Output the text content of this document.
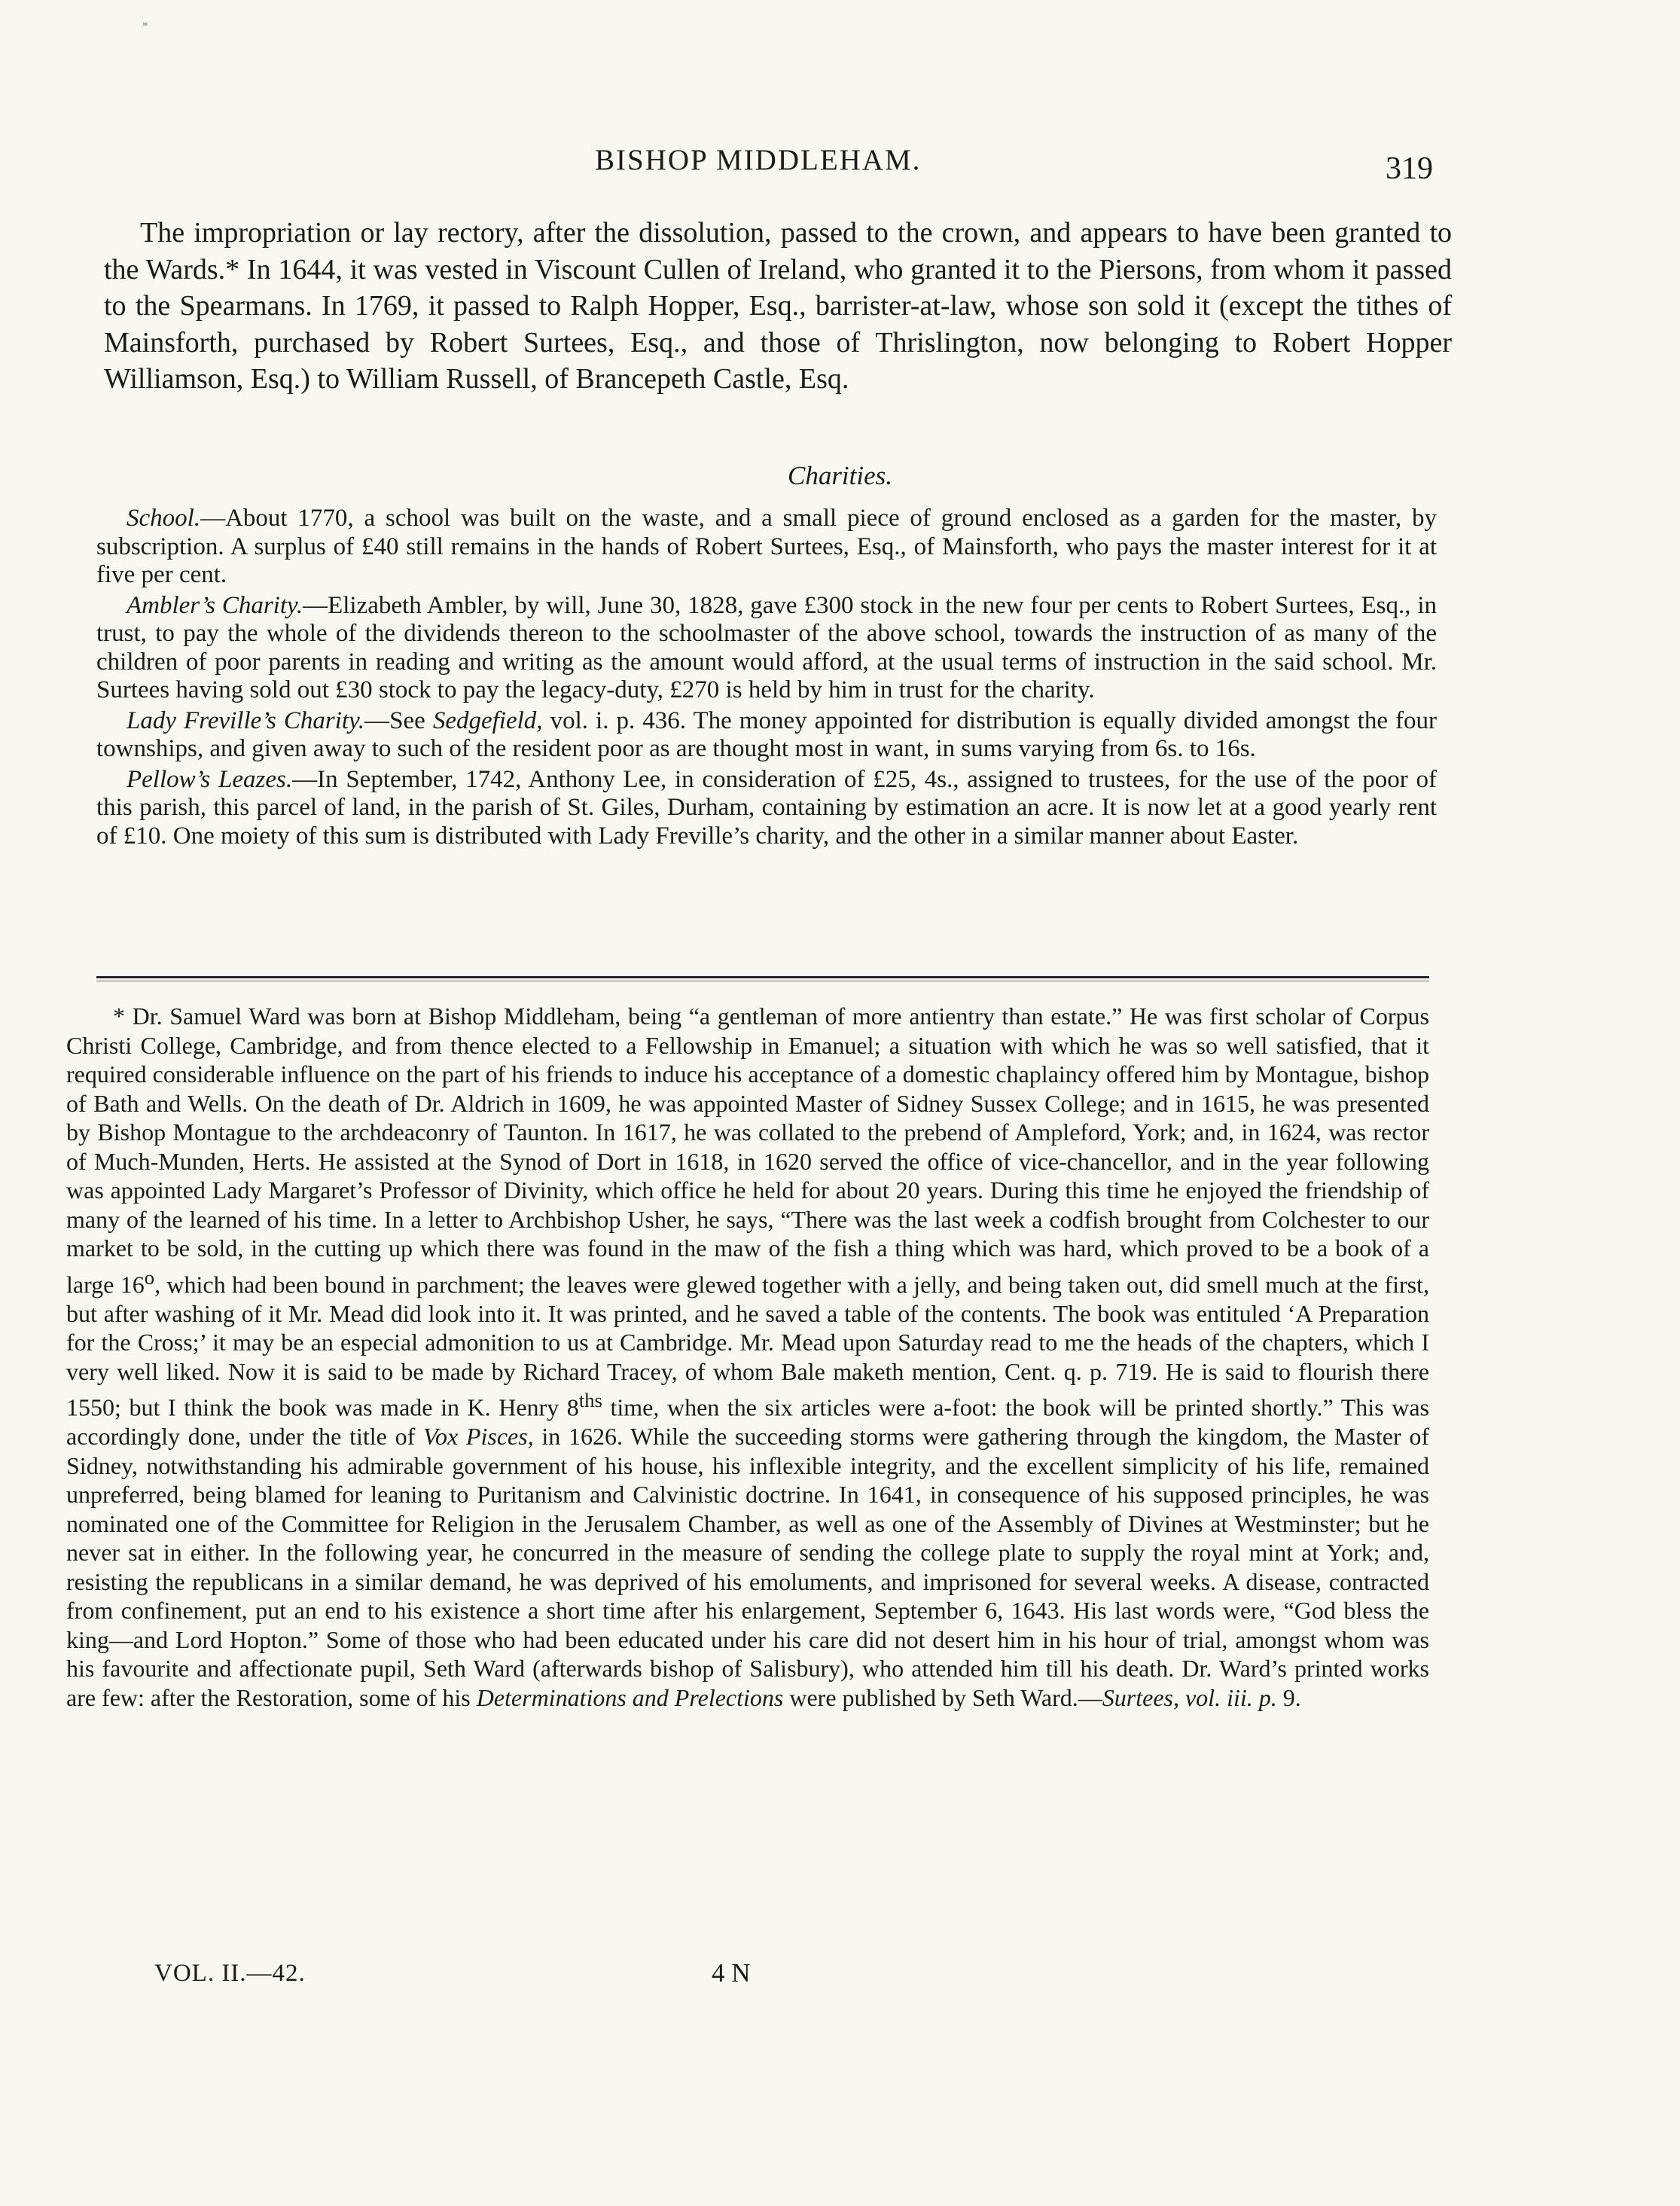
BISHOP MIDDLEHAM.	319

The impropriation or lay rectory, after the dissolution, passed to the crown, and appears to have been granted to the Wards.* In 1644, it was vested in Viscount Cullen of Ireland, who granted it to the Piersons, from whom it passed to the Spearmans. In 1769, it passed to Ralph Hopper, Esq., barrister-at-law, whose son sold it (except the tithes of Mainsforth, purchased by Robert Surtees, Esq., and those of Thrislington, now belonging to Robert Hopper Williamson, Esq.) to William Russell, of Brancepeth Castle, Esq.

Charities.

School.—About 1770, a school was built on the waste, and a small piece of ground enclosed as a garden for the master, by subscription. A surplus of £40 still remains in the hands of Robert Surtees, Esq., of Mainsforth, who pays the master interest for it at five per cent.

Ambler’s Charity.—Elizabeth Ambler, by will, June 30, 1828, gave £300 stock in the new four per cents to Robert Surtees, Esq., in trust, to pay the whole of the dividends thereon to the schoolmaster of the above school, towards the instruction of as many of the children of poor parents in reading and writing as the amount would afford, at the usual terms of instruction in the said school. Mr. Surtees having sold out £30 stock to pay the legacy-duty, £270 is held by him in trust for the charity.

Lady Freville’s Charity.—See Sedgefield, vol. i. p. 436. The money appointed for distribution is equally divided amongst the four townships, and given away to such of the resident poor as are thought most in want, in sums varying from 6s. to 16s.

Pellow’s Leazes.—In September, 1742, Anthony Lee, in consideration of £25, 4s., assigned to trustees, for the use of the poor of this parish, this parcel of land, in the parish of St. Giles, Durham, containing by estimation an acre. It is now let at a good yearly rent of £10. One moiety of this sum is distributed with Lady Freville’s charity, and the other in a similar manner about Easter.

* Dr. Samuel Ward was born at Bishop Middleham, being “a gentleman of more antientry than estate.” He was first scholar of Corpus Christi College, Cambridge, and from thence elected to a Fellowship in Emanuel; a situation with which he was so well satisfied, that it required considerable influence on the part of his friends to induce his acceptance of a domestic chaplaincy offered him by Montague, bishop of Bath and Wells. On the death of Dr. Aldrich in 1609, he was appointed Master of Sidney Sussex College; and in 1615, he was presented by Bishop Montague to the archdeaconry of Taunton. In 1617, he was collated to the prebend of Ampleford, York; and, in 1624, was rector of Much-Munden, Herts. He assisted at the Synod of Dort in 1618, in 1620 served the office of vice-chancellor, and in the year following was appointed Lady Margaret’s Professor of Divinity, which office he held for about 20 years. During this time he enjoyed the friendship of many of the learned of his time. In a letter to Archbishop Usher, he says, “There was the last week a codfish brought from Colchester to our market to be sold, in the cutting up which there was found in the maw of the fish a thing which was hard, which proved to be a book of a large 16$^o$, which had been bound in parchment; the leaves were glewed together with a jelly, and being taken out, did smell much at the first, but after washing of it Mr. Mead did look into it. It was printed, and he saved a table of the contents. The book was entituled ‘A Preparation for the Cross;’ it may be an especial admonition to us at Cambridge. Mr. Mead upon Saturday read to me the heads of the chapters, which I very well liked. Now it is said to be made by Richard Tracey, of whom Bale maketh mention, Cent. q. p. 719. He is said to flourish there 1550; but I think the book was made in K. Henry $8^{ths}$ time, when the six articles were a-foot: the book will be printed shortly.” This was accordingly done, under the title of Vox Pisces, in 1626. While the succeeding storms were gathering through the kingdom, the Master of Sidney, notwithstanding his admirable government of his house, his inflexible integrity, and the excellent simplicity of his life, remained unpreferred, being blamed for leaning to Puritanism and Calvinistic doctrine. In 1641, in consequence of his supposed principles, he was nominated one of the Committee for Religion in the Jerusalem Chamber, as well as one of the Assembly of Divines at Westminster; but he never sat in either. In the following year, he concurred in the measure of sending the college plate to supply the royal mint at York; and, resisting the republicans in a similar demand, he was deprived of his emoluments, and imprisoned for several weeks. A disease, contracted from confinement, put an end to his existence a short time after his enlargement, September 6, 1643. His last words were, “God bless the king—and Lord Hopton.” Some of those who had been educated under his care did not desert him in his hour of trial, amongst whom was his favourite and affectionate pupil, Seth Ward (afterwards bishop of Salisbury), who attended him till his death. Dr. Ward’s printed works are few: after the Restoration, some of his Determinations and Prelections were published by Seth Ward.—Surtees, vol. iii. p. 9.

VOL. II.—42.	4 N
